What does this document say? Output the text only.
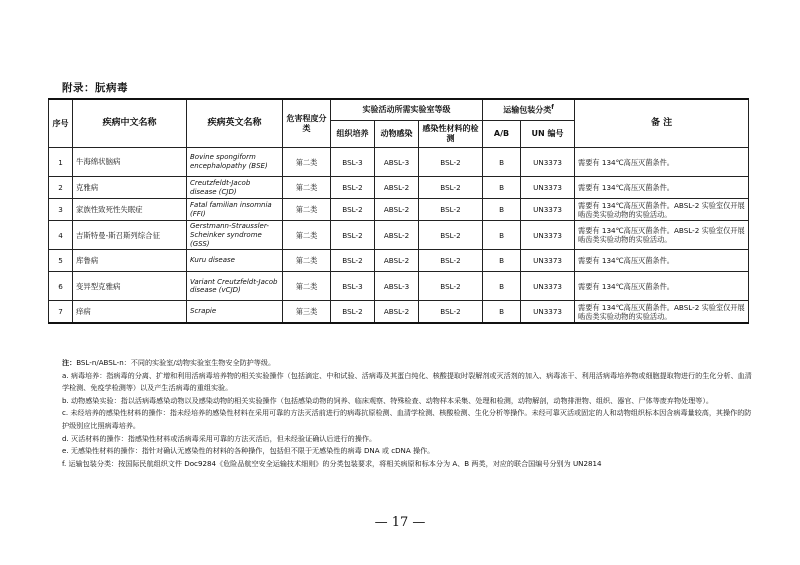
附录：朊病毒
序号	疾病中文名称	疾病英文名称	危害程度分类	实验活动所需实验室等级			运输包装分类$^f$		备 注
				组织培养	动物感染	感染性材料的检测	A/B	UN 编号	
1	牛海绵状脑病	Bovine spongiform encephalopathy (BSE)	第二类	BSL-3	ABSL-3	BSL-2	B	UN3373	需要有 134℃高压灭菌条件。
2	克雅病	Creutzfeldt-Jacob disease (CJD)	第二类	BSL-2	ABSL-2	BSL-2	B	UN3373	需要有 134℃高压灭菌条件。
3	家族性致死性失眠症	Fatal familian insomnia (FFI)	第二类	BSL-2	ABSL-2	BSL-2	B	UN3373	需要有 134℃高压灭菌条件。ABSL-2 实验室仅开展啮齿类实验动物的实验活动。
4	吉斯特曼-斯召斯列综合征	Gerstmann-Straussler-Scheinker syndrome (GSS)	第二类	BSL-2	ABSL-2	BSL-2	B	UN3373	需要有 134℃高压灭菌条件。ABSL-2 实验室仅开展啮齿类实验动物的实验活动。
5	库鲁病	Kuru disease	第二类	BSL-2	ABSL-2	BSL-2	B	UN3373	需要有 134℃高压灭菌条件。
6	变异型克雅病	Variant Creutzfeldt-Jacob disease (vCJD)	第二类	BSL-3	ABSL-3	BSL-2	B	UN3373	需要有 134℃高压灭菌条件。
7	痒病	Scrapie	第三类	BSL-2	ABSL-2	BSL-2	B	UN3373	需要有 134℃高压灭菌条件。ABSL-2 实验室仅开展啮齿类实验动物的实验活动。

注：BSL-n/ABSL-n：不同的实验室/动物实验室生物安全防护等级。

a. 病毒培养：指病毒的分离、扩增和利用活病毒培养物的相关实验操作（包括滴定、中和试验、活病毒及其蛋白纯化、核酸提取时裂解剂或灭活剂的加入、病毒冻干、利用活病毒培养物或细胞提取物进行的生化分析、血清学检测、免疫学检测等）以及产生活病毒的重组实验。

b. 动物感染实验：指以活病毒感染动物以及感染动物的相关实验操作（包括感染动物的饲养、临床观察、特殊检查、动物样本采集、处理和检测，动物解剖，动物排泄物、组织、器官、尸体等废弃物处理等）。

c. 未经培养的感染性材料的操作：指未经培养的感染性材料在采用可靠的方法灭活前进行的病毒抗原检测、血清学检测、核酸检测、生化分析等操作。未经可靠灭活或固定的人和动物组织标本因含病毒量较高，其操作的防护级别应比照病毒培养。

d. 灭活材料的操作：指感染性材料或活病毒采用可靠的方法灭活后，但未经验证确认后进行的操作。

e. 无感染性材料的操作：指针对确认无感染性的材料的各种操作，包括但不限于无感染性的病毒 DNA 或 cDNA 操作。

f. 运输包装分类：按国际民航组织文件 Doc9284《危险品航空安全运输技术细则》的分类包装要求，将相关病原和标本分为 A、B 两类，对应的联合国编号分别为 UN2814

— 17 —
